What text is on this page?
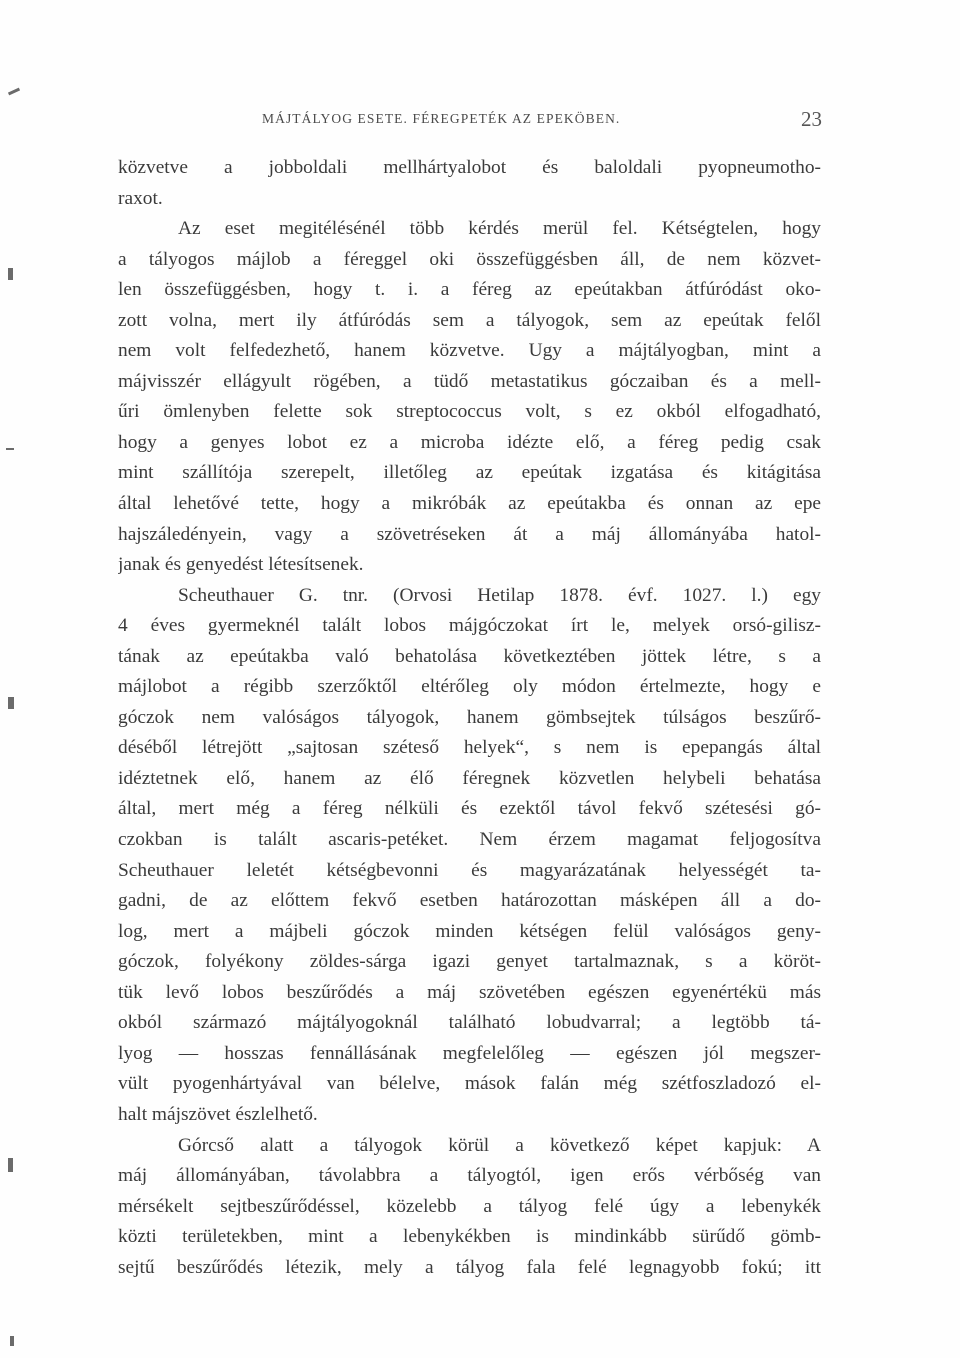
MÁJTÁLYOG ESETE. FÉREGPETÉK AZ EPEKÖBEN.	23
közvetve a jobboldali mellhártyalobot és baloldali pyopneumotho-
raxot.
Az eset megitélésénél több kérdés merül fel. Kétségtelen, hogy
a tályogos májlob a féreggel oki összefüggésben áll, de nem közvet-
len összefüggésben, hogy t. i. a féreg az epeútakban átfúródást oko-
zott volna, mert ily átfúródás sem a tályogok, sem az epeútak felől
nem volt felfedezhető, hanem közvetve. Ugy a májtályogban, mint a
májvisszér ellágyult rögében, a tüdő metastatikus góczaiban és a mell-
űri ömlenyben felette sok streptococcus volt, s ez okból elfogadható,
hogy a genyes lobot ez a microba idézte elő, a féreg pedig csak
mint szállítója szerepelt, illetőleg az epeútak izgatása és kitágitása
által lehetővé tette, hogy a mikróbák az epeútakba és onnan az epe
hajszáledényein, vagy a szövetréseken át a máj állományába hatol-
janak és genyedést létesítsenek.
Scheuthauer G. tnr. (Orvosi Hetilap 1878. évf. 1027. l.) egy
4 éves gyermeknél talált lobos májgóczokat írt le, melyek orsó-gilisz-
tának az epeútakba való behatolása következtében jöttek létre, s a
májlobot a régibb szerzőktől eltérőleg oly módon értelmezte, hogy e
góczok nem valóságos tályogok, hanem gömbsejtek túlságos beszűrő-
déséből létrejött „sajtosan széteső helyek“, s nem is epepangás által
idéztetnek elő, hanem az élő féregnek közvetlen helybeli behatása
által, mert még a féreg nélküli és ezektől távol fekvő szétesési gó-
czokban is talált ascaris-petéket. Nem érzem magamat feljogosítva
Scheuthauer leletét kétségbevonni és magyarázatának helyességét ta-
gadni, de az előttem fekvő esetben határozottan másképen áll a do-
log, mert a májbeli góczok minden kétségen felül valóságos geny-
góczok, folyékony zöldes-sárga igazi genyet tartalmaznak, s a köröt-
tük levő lobos beszűrődés a máj szövetében egészen egyenértékü más
okból származó májtályogoknál található lobudvarral; a legtöbb tá-
lyog — hosszas fennállásának megfelelőleg — egészen jól megszer-
vült pyogenhártyával van bélelve, mások falán még szétfoszladozó el-
halt májszövet észlelhető.
Górcső alatt a tályogok körül a következő képet kapjuk: A
máj állományában, távolabbra a tályogtól, igen erős vérbőség van
mérsékelt sejtbeszűrődéssel, közelebb a tályog felé úgy a lebenykék
közti területekben, mint a lebenykékben is mindinkább sürűdő gömb-
sejtű beszűrődés létezik, mely a tályog fala felé legnagyobb fokú; itt
